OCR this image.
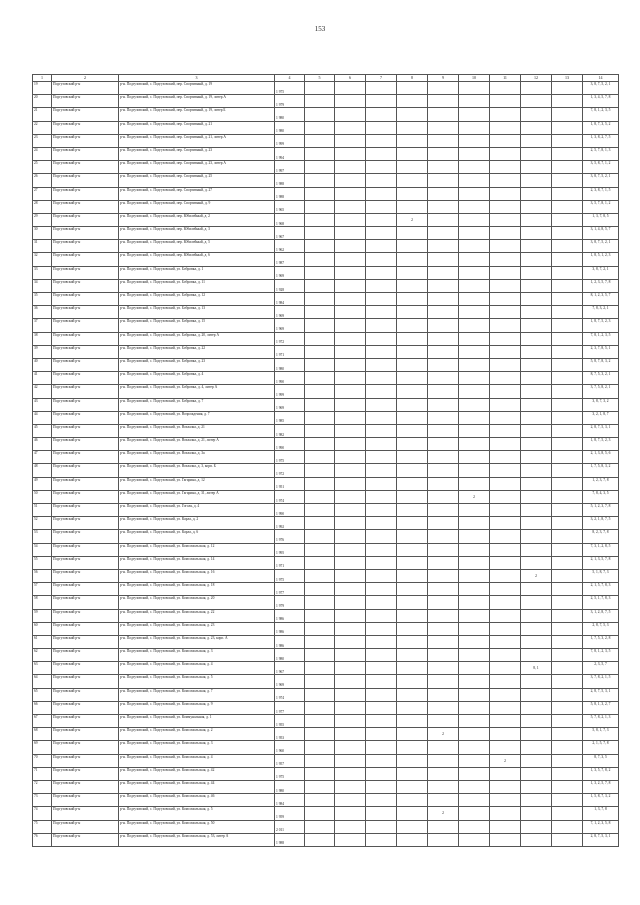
153
1	2	3	4	5	6	7	8	9	10	11	12	13	14
19	Подгузовский р-н	р-н. Подгузовский, с. Подгузовский, пер. Спортивный, д. 19	1 975										3, 8, 7, 5, 2, 1
20	Подгузовский р-н	р-н. Подгузовский, с. Подгузовский, пер. Спортивный, д. 19, литер А	1 979										1, 3, 4, 5, 7, 8
21	Подгузовский р-н	р-н. Подгузовский, с. Подгузовский, пер. Спортивный, д. 19, литер Б	1 980										7, 8, 1, 2, 3, 5
22	Подгузовский р-н	р-н. Подгузовский, с. Подгузовский, пер. Спортивный, д. 21	1 980										1, 8, 7, 3, 5, 2
23	Подгузовский р-н	р-н. Подгузовский, с. Подгузовский, пер. Спортивный, д. 21, литер А	1 999										1, 3, 8, 2, 7, 5
24	Подгузовский р-н	р-н. Подгузовский, с. Подгузовский, пер. Спортивный, д. 23	1 994										2, 5, 7, 8, 1, 3
25	Подгузовский р-н	р-н. Подгузовский, с. Подгузовский, пер. Спортивный, д. 23, литер А	1 997										3, 5, 8, 7, 1, 2
26	Подгузовский р-н	р-н. Подгузовский, с. Подгузовский, пер. Спортивный, д. 25	1 988										3, 8, 7, 5, 2, 1
27	Подгузовский р-н	р-н. Подгузовский, с. Подгузовский, пер. Спортивный, д. 27	1 988										2, 3, 8, 7, 1, 5
28	Подгузовский р-н	р-н. Подгузовский, с. Подгузовский, пер. Спортивный, д. 9	1 965										3, 5, 7, 8, 1, 2
29	Подгузовский р-н	р-н. Подгузовский, с. Подгузовский, пер. Юбилейный, д. 2	1 968				2						1, 3, 7, 8, 5
30	Подгузовский р-н	р-н. Подгузовский, с. Подгузовский, пер. Юбилейный, д. 3	1 967										3, 1, 4, 8, 5, 7
31	Подгузовский р-н	р-н. Подгузовский, с. Подгузовский, пер. Юбилейный, д. 5	1 962										3, 8, 7, 5, 2, 1
32	Подгузовский р-н	р-н. Подгузовский, с. Подгузовский, пер. Юбилейный, д. 6	1 987										1, 8, 5, 1, 2, 3
33	Подгузовский р-н	р-н. Подгузовский, с. Подгузовский, ул. Бобровка, д. 1	1 969										3, 8, 7, 2, 1
34	Подгузовский р-н	р-н. Подгузовский, с. Подгузовский, ул. Бобровка, д. 11	1 928										1, 2, 3, 5, 7, 8
35	Подгузовский р-н	р-н. Подгузовский, с. Подгузовский, ул. Бобровка, д. 12	1 984										8, 1, 2, 3, 5, 7
36	Подгузовский р-н	р-н. Подгузовский, с. Подгузовский, ул. Бобровка, д. 13	1 969										7, 8, 3, 2, 1
37	Подгузовский р-н	р-н. Подгузовский, с. Подгузовский, ул. Бобровка, д. 15	1 969										1, 8, 7, 5, 2, 3
38	Подгузовский р-н	р-н. Подгузовский, с. Подгузовский, ул. Бобровка, д. 20, литер А	1 972										7, 8, 1, 2, 3, 5
39	Подгузовский р-н	р-н. Подгузовский, с. Подгузовский, ул. Бобровка, д. 22	1 971										2, 3, 7, 8, 5, 1
40	Подгузовский р-н	р-н. Подгузовский, с. Подгузовский, ул. Бобровка, д. 23	1 980										5, 8, 7, 8, 3, 2
41	Подгузовский р-н	р-н. Подгузовский, с. Подгузовский, ул. Бобровка, д. 4	1 990										8, 7, 5, 3, 2, 1
42	Подгузовский р-н	р-н. Подгузовский, с. Подгузовский, ул. Бобровка, д. 4, литер А	1 999										3, 7, 5, 8, 2, 1
43	Подгузовский р-н	р-н. Подгузовский, с. Подгузовский, ул. Бобровка, д. 7	1 969										3, 8, 7, 3, 2
44	Подгузовский р-н	р-н. Подгузовский, с. Подгузовский, ул. Возрождения, д. 7	1 985										3, 2, 1, 8, 7
45	Подгузовский р-н	р-н. Подгузовский, с. Подгузовский, ул. Вокзалка, д. 21	1 982										2, 8, 7, 5, 3, 1
46	Подгузовский р-н	р-н. Подгузовский, с. Подгузовский, ул. Вокзалка, д. 21, литер А	1 990										1, 8, 7, 5, 2, 3
47	Подгузовский р-н	р-н. Подгузовский, с. Подгузовский, ул. Вокзалка, д. 3а	1 975										2, 1, 3, 8, 5, 6
48	Подгузовский р-н	р-н. Подгузовский, с. Подгузовский, ул. Вокзалка, д. 3, корп. Б	1 972										1, 7, 5, 8, 3, 2
49	Подгузовский р-н	р-н. Подгузовский, с. Подгузовский, ул. Гагарина, д. 12	1 951										1, 2, 3, 7, 8
50	Подгузовский р-н	р-н. Подгузовский, с. Подгузовский, ул. Гагарина, д. 31, литер А	1 974						2				7, 8, 4, 3, 5
51	Подгузовский р-н	р-н. Подгузовский, с. Подгузовский, ул. Гоголя, д. 4	1 990										5, 1, 2, 3, 7, 8
52	Подгузовский р-н	р-н. Подгузовский, с. Подгузовский, ул. Карла, д. 2	1 992										3, 2, 1, 8, 7, 5
53	Подгузовский р-н	р-н. Подгузовский, с. Подгузовский, ул. Карла, д. 6	1 976										8, 2, 3, 7, 8
54	Подгузовский р-н	р-н. Подгузовский, с. Подгузовский, ул. Комсомольская, д. 12	1 995										7, 3, 1, 2, 8, 5
55	Подгузовский р-н	р-н. Подгузовский, с. Подгузовский, ул. Комсомольская, д. 14	1 971										2, 1, 3, 5, 7, 8
56	Подгузовский р-н	р-н. Подгузовский, с. Подгузовский, ул. Комсомольская, д. 16	1 975								2		5, 1, 8, 7, 3
57	Подгузовский р-н	р-н. Подгузовский, с. Подгузовский, ул. Комсомольская, д. 18	1 977										2, 1, 5, 7, 8, 3
58	Подгузовский р-н	р-н. Подгузовский, с. Подгузовский, ул. Комсомольская, д. 20	1 979										2, 5, 1, 7, 8, 3
59	Подгузовский р-н	р-н. Подгузовский, с. Подгузовский, ул. Комсомольская, д. 22	1 986										3, 1, 2, 8, 7, 5
60	Подгузовский р-н	р-н. Подгузовский, с. Подгузовский, ул. Комсомольская, д. 23	1 986										2, 8, 7, 5, 3
61	Подгузовский р-н	р-н. Подгузовский, с. Подгузовский, ул. Комсомольская, д. 23, корп. А	1 986										1, 7, 5, 3, 2, 8
62	Подгузовский р-н	р-н. Подгузовский, с. Подгузовский, ул. Комсомольская, д. 3	1 980										7, 8, 1, 2, 3, 5
63	Подгузовский р-н	р-н. Подгузовский, с. Подгузовский, ул. Комсомольская, д. 4	1 967								8, 1		2, 3, 5, 7
64	Подгузовский р-н	р-н. Подгузовский, с. Подгузовский, ул. Комсомольская, д. 5	1 969										3, 7, 8, 2, 1, 5
65	Подгузовский р-н	р-н. Подгузовский, с. Подгузовский, ул. Комсомольская, д. 7	1 974										2, 8, 7, 5, 3, 1
66	Подгузовский р-н	р-н. Подгузовский, с. Подгузовский, ул. Комсомольская, д. 9	1 977										5, 8, 1, 3, 2, 7
67	Подгузовский р-н	р-н. Подгузовский, с. Подгузовский, ул. Коммунальная, д. 1	1 955										5, 7, 8, 2, 1, 3
68	Подгузовский р-н	р-н. Подгузовский, с. Подгузовский, ул. Комсомольская, д. 2	1 953					2					5, 8, 1, 7, 3
69	Подгузовский р-н	р-н. Подгузовский, с. Подгузовский, ул. Комсомольская, д. 3	1 960										2, 1, 5, 7, 8
70	Подгузовский р-н	р-н. Подгузовский, с. Подгузовский, ул. Комсомольская, д. 4	1 957							2			8, 7, 3, 5
71	Подгузовский р-н	р-н. Подгузовский, с. Подгузовский, ул. Комсомольская, д. 42	1 975										1, 3, 5, 7, 8, 2
72	Подгузовский р-н	р-н. Подгузовский, с. Подгузовский, ул. Комсомольская, д. 44	1 980										1, 3, 2, 5, 7, 8
73	Подгузовский р-н	р-н. Подгузовский, с. Подгузовский, ул. Комсомольская, д. 46	1 984										1, 5, 8, 7, 3, 2
74	Подгузовский р-н	р-н. Подгузовский, с. Подгузовский, ул. Комсомольская, д. 5	1 959					2					1, 3, 7, 8
75	Подгузовский р-н	р-н. Подгузовский, с. Подгузовский, ул. Комсомольская, д. 50	2 011										7, 1, 2, 3, 5, 8
76	Подгузовский р-н	р-н. Подгузовский, с. Подгузовский, ул. Комсомольская, д. 53, литер А	1 988										2, 8, 7, 5, 3, 1
